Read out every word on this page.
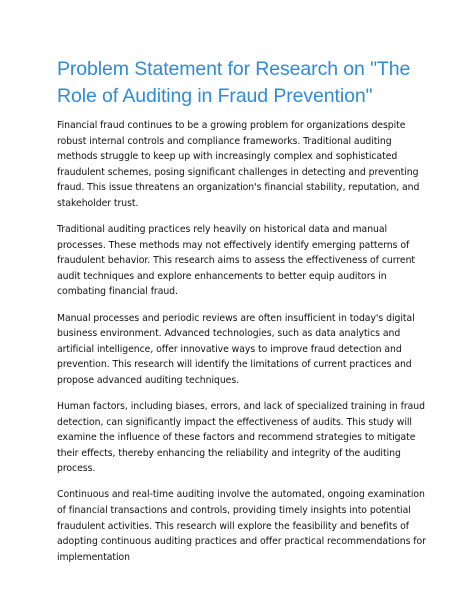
Problem Statement for Research on "The Role of Auditing in Fraud Prevention"

Financial fraud continues to be a growing problem for organizations despite robust internal controls and compliance frameworks. Traditional auditing methods struggle to keep up with increasingly complex and sophisticated fraudulent schemes, posing significant challenges in detecting and preventing fraud. This issue threatens an organization's financial stability, reputation, and stakeholder trust.

Traditional auditing practices rely heavily on historical data and manual processes. These methods may not effectively identify emerging patterns of fraudulent behavior. This research aims to assess the effectiveness of current audit techniques and explore enhancements to better equip auditors in combating financial fraud.

Manual processes and periodic reviews are often insufficient in today's digital business environment. Advanced technologies, such as data analytics and artificial intelligence, offer innovative ways to improve fraud detection and prevention. This research will identify the limitations of current practices and propose advanced auditing techniques.

Human factors, including biases, errors, and lack of specialized training in fraud detection, can significantly impact the effectiveness of audits. This study will examine the influence of these factors and recommend strategies to mitigate their effects, thereby enhancing the reliability and integrity of the auditing process.

Continuous and real-time auditing involve the automated, ongoing examination of financial transactions and controls, providing timely insights into potential fraudulent activities. This research will explore the feasibility and benefits of adopting continuous auditing practices and offer practical recommendations for implementation
